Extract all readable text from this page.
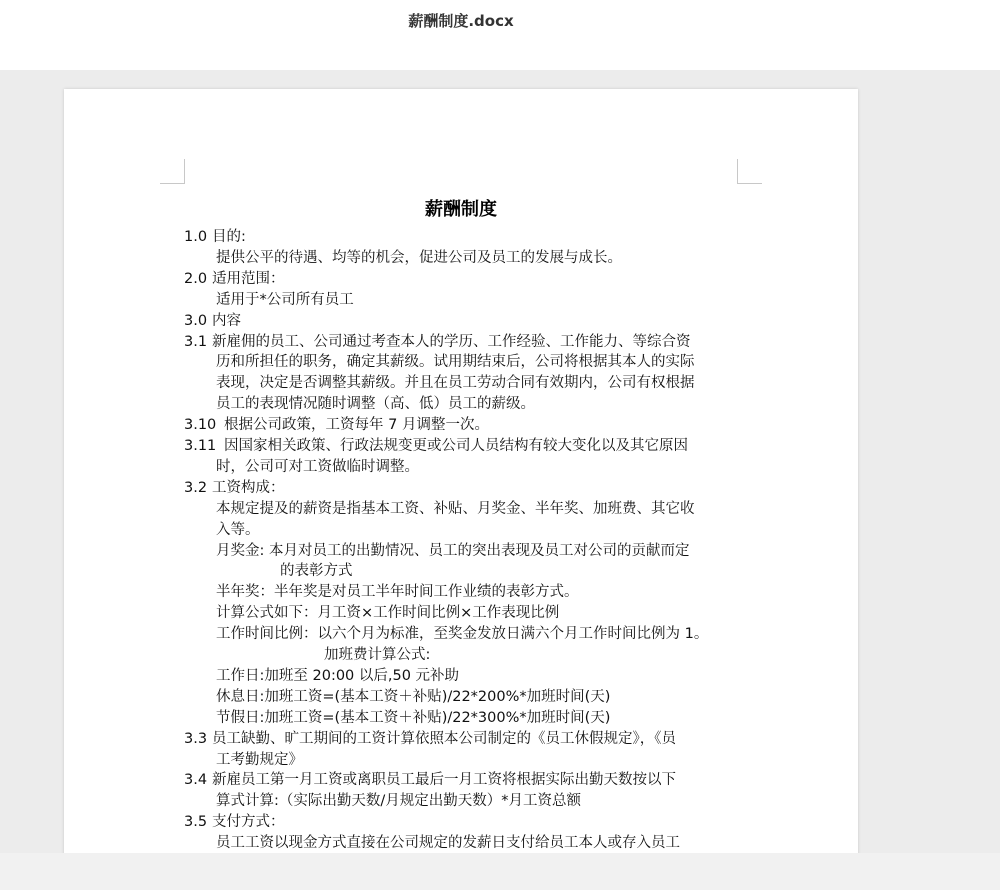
薪酬制度.docx
薪酬制度
1.0 目的:
提供公平的待遇、均等的机会，促进公司及员工的发展与成长。
2.0 适用范围：
适用于*公司所有员工
3.0 内容
3.1 新雇佣的员工、公司通过考查本人的学历、工作经验、工作能力、等综合资
历和所担任的职务，确定其薪级。试用期结束后，公司将根据其本人的实际
表现，决定是否调整其薪级。并且在员工劳动合同有效期内，公司有权根据
员工的表现情况随时调整（高、低）员工的薪级。
3.10 根据公司政策，工资每年 7 月调整一次。
3.11 因国家相关政策、行政法规变更或公司人员结构有较大变化以及其它原因
时，公司可对工资做临时调整。
3.2 工资构成：
本规定提及的薪资是指基本工资、补贴、月奖金、半年奖、加班费、其它收
入等。
月奖金: 本月对员工的出勤情况、员工的突出表现及员工对公司的贡献而定
的表彰方式
半年奖：半年奖是对员工半年时间工作业绩的表彰方式。
计算公式如下：月工资×工作时间比例×工作表现比例
工作时间比例：以六个月为标准，至奖金发放日满六个月工作时间比例为 1。
加班费计算公式:
工作日:加班至 20:00 以后,50 元补助
休息日:加班工资=(基本工资＋补贴)/22*200%*加班时间(天)
节假日:加班工资=(基本工资＋补贴)/22*300%*加班时间(天)
3.3 员工缺勤、旷工期间的工资计算依照本公司制定的《员工休假规定》，《员
工考勤规定》
3.4 新雇员工第一月工资或离职员工最后一月工资将根据实际出勤天数按以下
算式计算:（实际出勤天数/月规定出勤天数）*月工资总额
3.5 支付方式：
员工工资以现金方式直接在公司规定的发薪日支付给员工本人或存入员工
